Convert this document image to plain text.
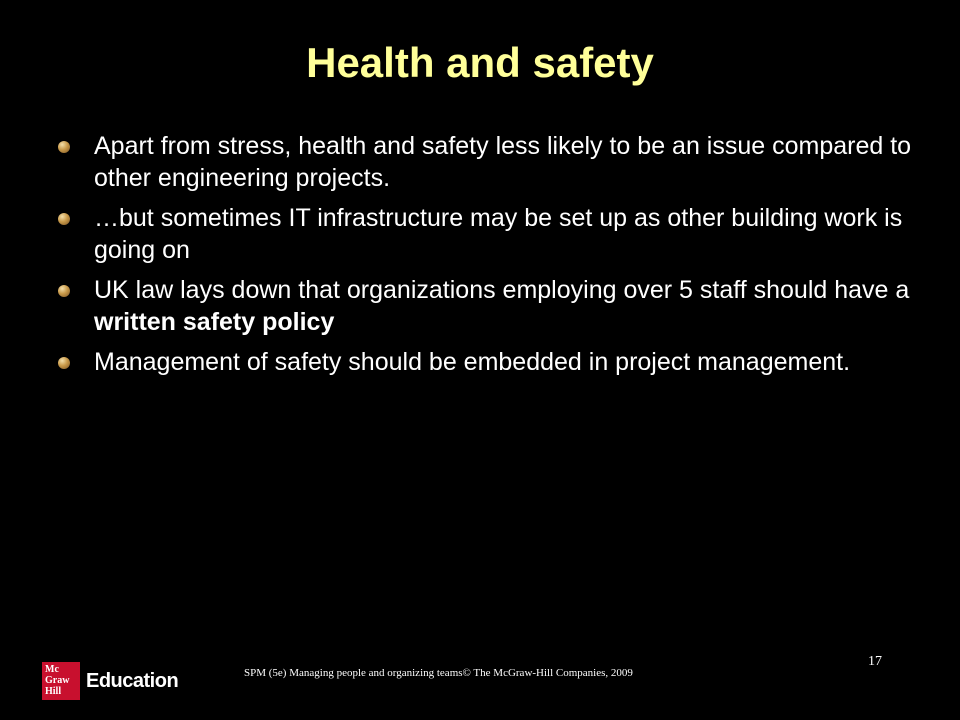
Health and safety
Apart from stress, health and safety less likely to be an issue compared to other engineering projects.
…but sometimes IT infrastructure may be set up as other building work is going on
UK law lays down that organizations employing over 5 staff should have a written safety policy
Management of safety should be embedded in project management.
Mc
Graw
Hill	Education	SPM (5e) Managing people and organizing teams© The McGraw-Hill Companies, 2009
17
